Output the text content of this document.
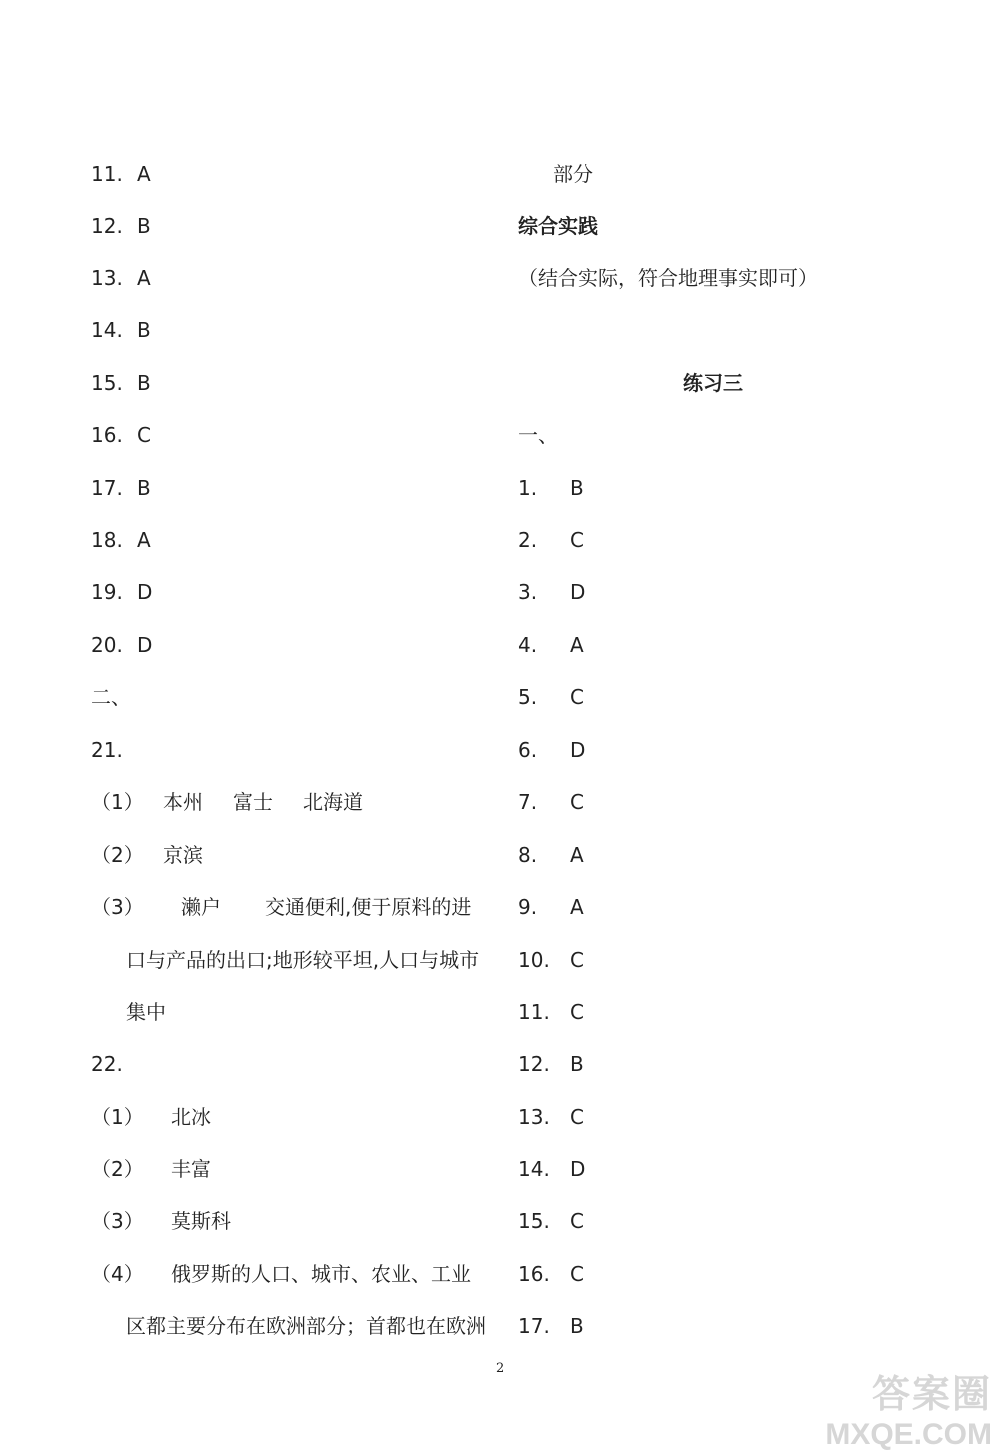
11. A
12. B
13. A
14. B
15. B
16. C
17. B
18. A
19. D
20. D
二、
21.
（1） 本州 富士 北海道
（2） 京滨
（3） 濑户 交通便利,便于原料的进
口与产品的出口;地形较平坦,人口与城市
集中
22.
（1） 北冰
（2） 丰富
（3） 莫斯科
（4） 俄罗斯的人口、城市、农业、工业
区都主要分布在欧洲部分；首都也在欧洲
部分
综合实践
（结合实际，符合地理事实即可）
练习三
一、
1. B
2. C
3. D
4. A
5. C
6. D
7. C
8. A
9. A
10. C
11. C
12. B
13. C
14. D
15. C
16. C
17. B
2
答案圈
MXQE.COM
